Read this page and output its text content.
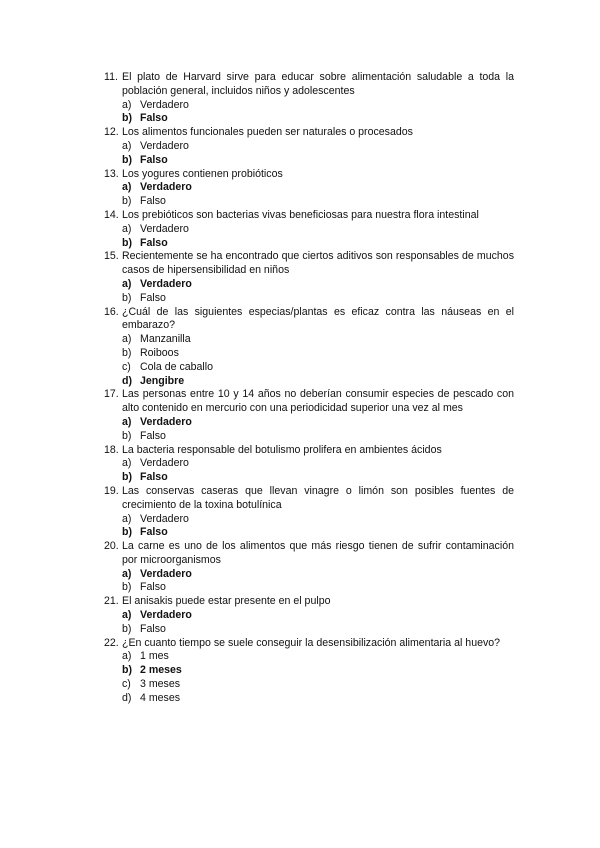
11. El plato de Harvard sirve para educar sobre alimentación saludable a toda la población general, incluidos niños y adolescentes
a) Verdadero
b) Falso
12. Los alimentos funcionales pueden ser naturales o procesados
a) Verdadero
b) Falso
13. Los yogures contienen probióticos
a) Verdadero
b) Falso
14. Los prebióticos son bacterias vivas beneficiosas para nuestra flora intestinal
a) Verdadero
b) Falso
15. Recientemente se ha encontrado que ciertos aditivos son responsables de muchos casos de hipersensibilidad en niños
a) Verdadero
b) Falso
16. ¿Cuál de las siguientes especias/plantas es eficaz contra las náuseas en el embarazo?
a) Manzanilla
b) Roiboos
c) Cola de caballo
d) Jengibre
17. Las personas entre 10 y 14 años no deberían consumir especies de pescado con alto contenido en mercurio con una periodicidad superior una vez al mes
a) Verdadero
b) Falso
18. La bacteria responsable del botulismo prolifera en ambientes ácidos
a) Verdadero
b) Falso
19. Las conservas caseras que llevan vinagre o limón son posibles fuentes de crecimiento de la toxina botulínica
a) Verdadero
b) Falso
20. La carne es uno de los alimentos que más riesgo tienen de sufrir contaminación por microorganismos
a) Verdadero
b) Falso
21. El anisakis puede estar presente en el pulpo
a) Verdadero
b) Falso
22. ¿En cuanto tiempo se suele conseguir la desensibilización alimentaria al huevo?
a) 1 mes
b) 2 meses
c) 3 meses
d) 4 meses
